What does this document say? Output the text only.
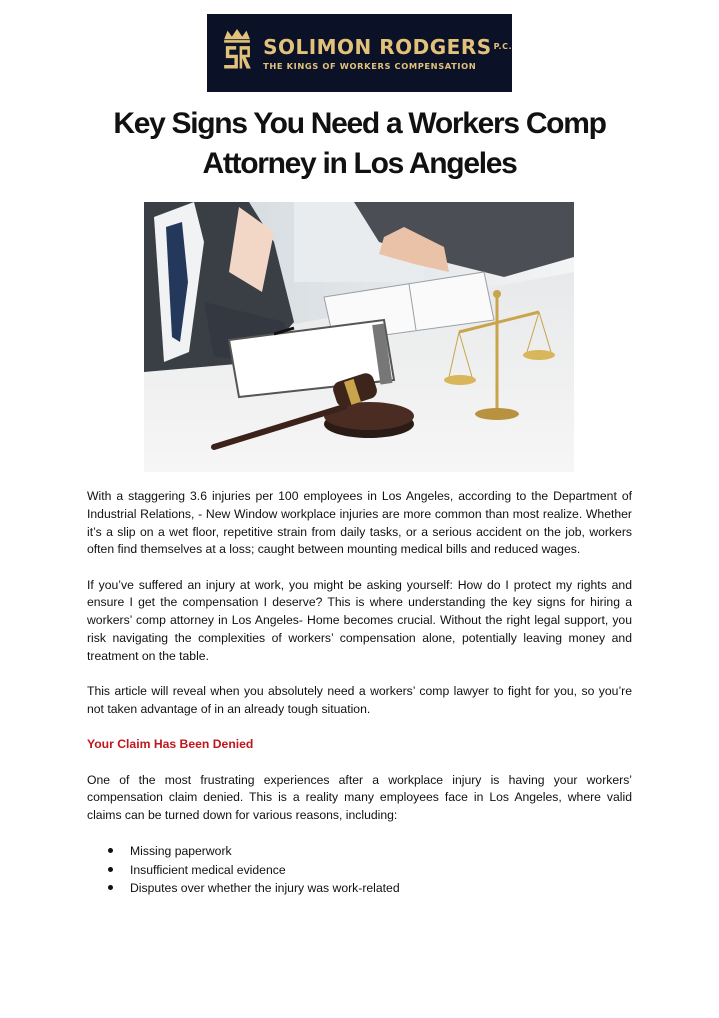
SOLIMON RODGERS $^{P.C.}$
THE KINGS OF WORKERS COMPENSATION
Key Signs You Need a Workers Comp Attorney in Los Angeles

With a staggering 3.6 injuries per 100 employees in Los Angeles, according to the Department of Industrial Relations, - New Window workplace injuries are more common than most realize. Whether it’s a slip on a wet floor, repetitive strain from daily tasks, or a serious accident on the job, workers often find themselves at a loss; caught between mounting medical bills and reduced wages.

If you’ve suffered an injury at work, you might be asking yourself: How do I protect my rights and ensure I get the compensation I deserve? This is where understanding the key signs for hiring a workers’ comp attorney in Los Angeles- Home becomes crucial. Without the right legal support, you risk navigating the complexities of workers’ compensation alone, potentially leaving money and treatment on the table.

This article will reveal when you absolutely need a workers’ comp lawyer to fight for you, so you’re not taken advantage of in an already tough situation.

Your Claim Has Been Denied

One of the most frustrating experiences after a workplace injury is having your workers’ compensation claim denied. This is a reality many employees face in Los Angeles, where valid claims can be turned down for various reasons, including:

Missing paperwork
Insufficient medical evidence
Disputes over whether the injury was work-related
